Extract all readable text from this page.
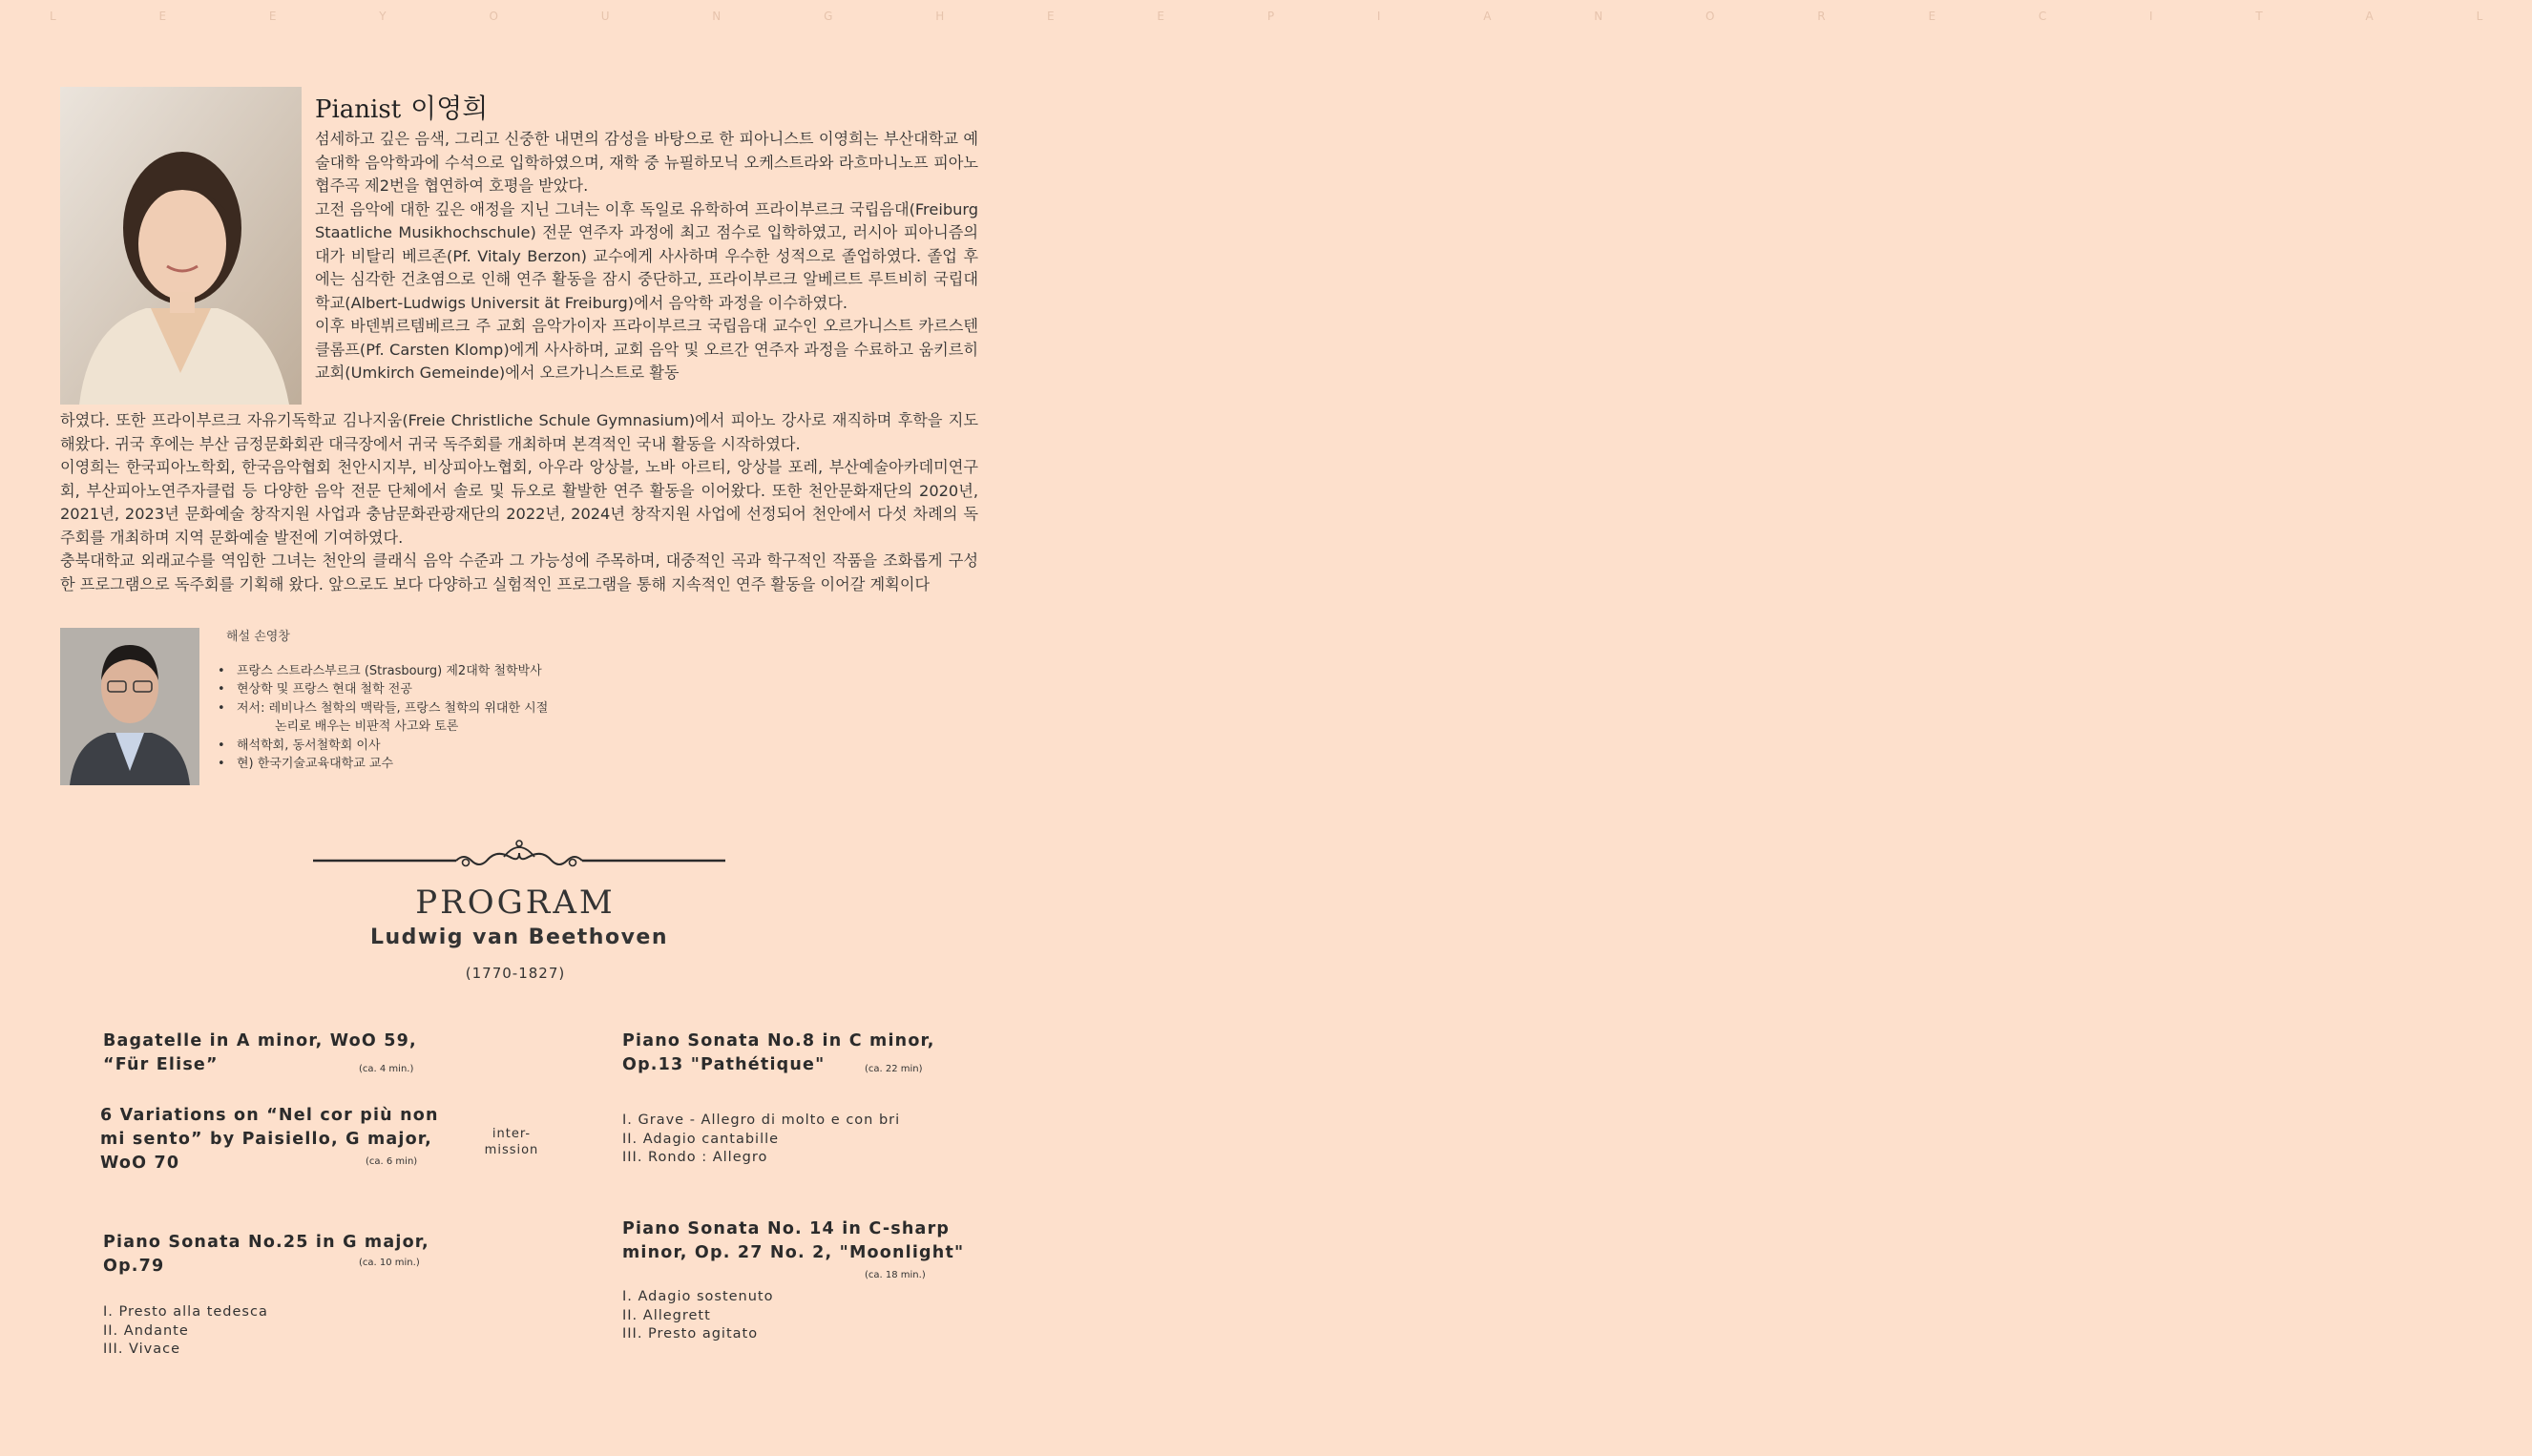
L E E Y O U N G H E E P I A N O R E C I T A L
Pianist 이영희

섬세하고 깊은 음색, 그리고 신중한 내면의 감성을 바탕으로 한 피아니스트 이영희는 부산대학교 예술대학 음악학과에 수석으로 입학하였으며, 재학 중 뉴필하모닉 오케스트라와 라흐마니노프 피아노 협주곡 제2번을 협연하여 호평을 받았다.

고전 음악에 대한 깊은 애정을 지닌 그녀는 이후 독일로 유학하여 프라이부르크 국립음대(Freiburg Staatliche Musikhochschule) 전문 연주자 과정에 최고 점수로 입학하였고, 러시아 피아니즘의 대가 비탈리 베르존(Pf. Vitaly Berzon) 교수에게 사사하며 우수한 성적으로 졸업하였다. 졸업 후에는 심각한 건초염으로 인해 연주 활동을 잠시 중단하고, 프라이부르크 알베르트 루트비히 국립대학교(Albert-Ludwigs Universit ät Freiburg)에서 음악학 과정을 이수하였다.

이후 바덴뷔르템베르크 주 교회 음악가이자 프라이부르크 국립음대 교수인 오르가니스트 카르스텐 클롬프(Pf. Carsten Klomp)에게 사사하며, 교회 음악 및 오르간 연주자 과정을 수료하고 움키르히 교회(Umkirch Gemeinde)에서 오르가니스트로 활동

하였다. 또한 프라이부르크 자유기독학교 김나지움(Freie Christliche Schule Gymnasium)에서 피아노 강사로 재직하며 후학을 지도해왔다. 귀국 후에는 부산 금정문화회관 대극장에서 귀국 독주회를 개최하며 본격적인 국내 활동을 시작하였다.

이영희는 한국피아노학회, 한국음악협회 천안시지부, 비상피아노협회, 아우라 앙상블, 노바 아르티, 앙상블 포레, 부산예술아카데미연구회, 부산피아노연주자클럽 등 다양한 음악 전문 단체에서 솔로 및 듀오로 활발한 연주 활동을 이어왔다. 또한 천안문화재단의 2020년, 2021년, 2023년 문화예술 창작지원 사업과 충남문화관광재단의 2022년, 2024년 창작지원 사업에 선정되어 천안에서 다섯 차례의 독주회를 개최하며 지역 문화예술 발전에 기여하였다.

충북대학교 외래교수를 역임한 그녀는 천안의 클래식 음악 수준과 그 가능성에 주목하며, 대중적인 곡과 학구적인 작품을 조화롭게 구성한 프로그램으로 독주회를 기획해 왔다. 앞으로도 보다 다양하고 실험적인 프로그램을 통해 지속적인 연주 활동을 이어갈 계획이다

해설 손영창
• 프랑스 스트라스부르크 (Strasbourg) 제2대학 철학박사
• 현상학 및 프랑스 현대 철학 전공
• 저서: 레비나스 철학의 맥락들, 프랑스 철학의 위대한 시절
논리로 배우는 비판적 사고와 토론
• 해석학회, 동서철학회 이사
• 현) 한국기술교육대학교 교수
PROGRAM
Ludwig van Beethoven
(1770-1827)
Bagatelle in A minor, WoO 59,
“Für Elise”	(ca. 4 min.)
6 Variations on “Nel cor più non
mi sento” by Paisiello, G major,
WoO 70	(ca. 6 min)
inter-
mission
Piano Sonata No.25 in G major,
Op.79	(ca. 10 min.)
I. Presto alla tedesca
II. Andante
III. Vivace
Piano Sonata No.8 in C minor,
Op.13 "Pathétique"	(ca. 22 min)
I. Grave - Allegro di molto e con bri
II. Adagio cantabille
III. Rondo : Allegro
Piano Sonata No. 14 in C-sharp
minor, Op. 27 No. 2, "Moonlight"
(ca. 18 min.)
I. Adagio sostenuto
II. Allegrett
III. Presto agitato
